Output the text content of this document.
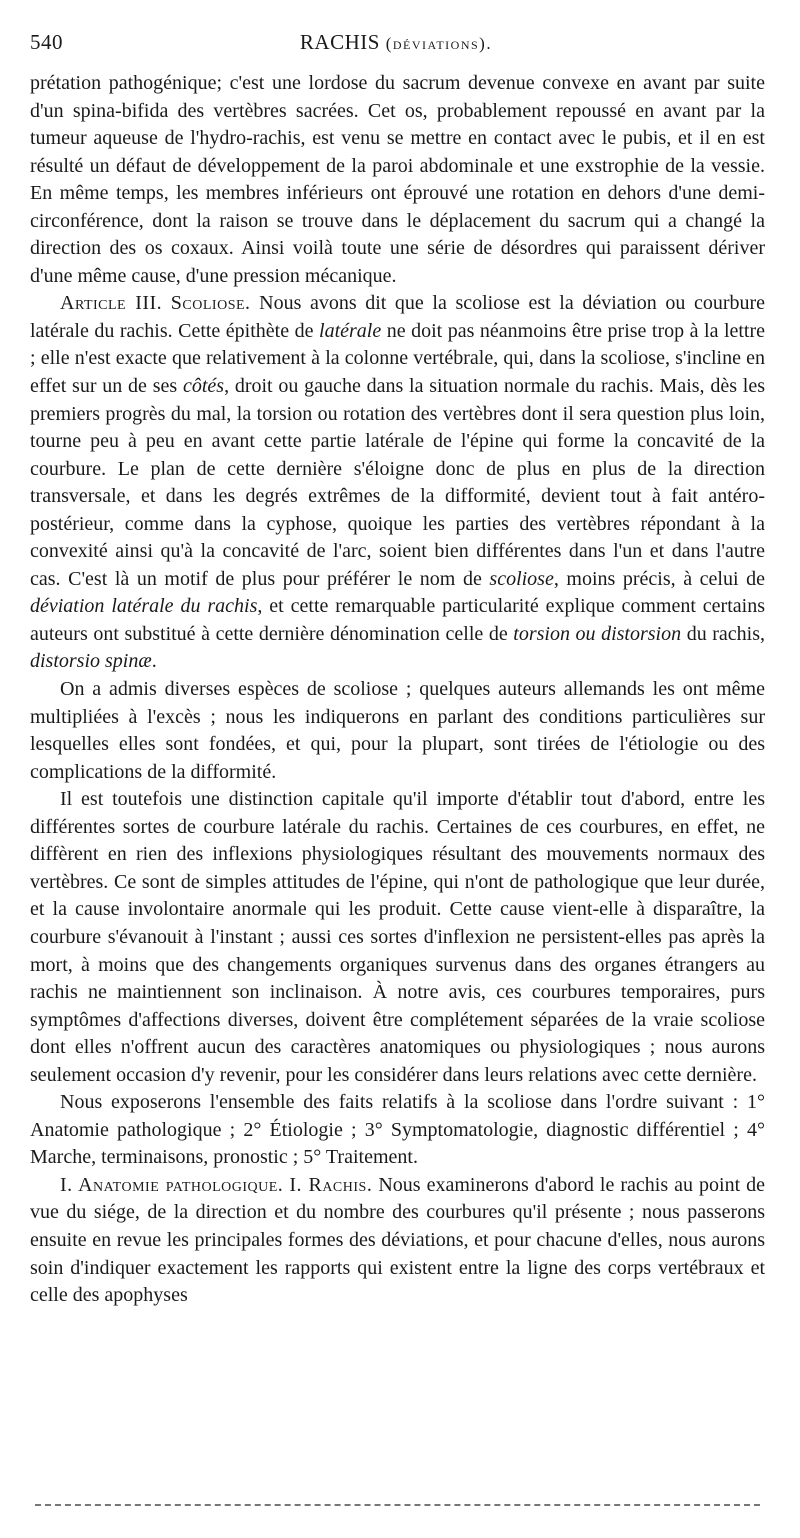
540	RACHIS (déviations).

prétation pathogénique; c'est une lordose du sacrum devenue convexe en avant par suite d'un spina-bifida des vertèbres sacrées. Cet os, probablement repoussé en avant par la tumeur aqueuse de l'hydro-rachis, est venu se mettre en contact avec le pubis, et il en est résulté un défaut de développement de la paroi abdominale et une exstrophie de la vessie. En même temps, les membres inférieurs ont éprouvé une rotation en dehors d'une demi-circonférence, dont la raison se trouve dans le déplacement du sacrum qui a changé la direction des os coxaux. Ainsi voilà toute une série de désordres qui paraissent dériver d'une même cause, d'une pression mécanique.

Article III. Scoliose. Nous avons dit que la scoliose est la déviation ou courbure latérale du rachis. Cette épithète de latérale ne doit pas néanmoins être prise trop à la lettre ; elle n'est exacte que relativement à la colonne vertébrale, qui, dans la scoliose, s'incline en effet sur un de ses côtés, droit ou gauche dans la situation normale du rachis. Mais, dès les premiers progrès du mal, la torsion ou rotation des vertèbres dont il sera question plus loin, tourne peu à peu en avant cette partie latérale de l'épine qui forme la concavité de la courbure. Le plan de cette dernière s'éloigne donc de plus en plus de la direction transversale, et dans les degrés extrêmes de la difformité, devient tout à fait antéro-postérieur, comme dans la cyphose, quoique les parties des vertèbres répondant à la convexité ainsi qu'à la concavité de l'arc, soient bien différentes dans l'un et dans l'autre cas. C'est là un motif de plus pour préférer le nom de scoliose, moins précis, à celui de déviation latérale du rachis, et cette remarquable particularité explique comment certains auteurs ont substitué à cette dernière dénomination celle de torsion ou distorsion du rachis, distorsio spinæ.

On a admis diverses espèces de scoliose ; quelques auteurs allemands les ont même multipliées à l'excès ; nous les indiquerons en parlant des conditions particulières sur lesquelles elles sont fondées, et qui, pour la plupart, sont tirées de l'étiologie ou des complications de la difformité.

Il est toutefois une distinction capitale qu'il importe d'établir tout d'abord, entre les différentes sortes de courbure latérale du rachis. Certaines de ces courbures, en effet, ne diffèrent en rien des inflexions physiologiques résultant des mouvements normaux des vertèbres. Ce sont de simples attitudes de l'épine, qui n'ont de pathologique que leur durée, et la cause involontaire anormale qui les produit. Cette cause vient-elle à disparaître, la courbure s'évanouit à l'instant ; aussi ces sortes d'inflexion ne persistent-elles pas après la mort, à moins que des changements organiques survenus dans des organes étrangers au rachis ne maintiennent son inclinaison. À notre avis, ces courbures temporaires, purs symptômes d'affections diverses, doivent être complétement séparées de la vraie scoliose dont elles n'offrent aucun des caractères anatomiques ou physiologiques ; nous aurons seulement occasion d'y revenir, pour les considérer dans leurs relations avec cette dernière.

Nous exposerons l'ensemble des faits relatifs à la scoliose dans l'ordre suivant : 1° Anatomie pathologique ; 2° Étiologie ; 3° Symptomatologie, diagnostic différentiel ; 4° Marche, terminaisons, pronostic ; 5° Traitement.

I. Anatomie pathologique. I. Rachis. Nous examinerons d'abord le rachis au point de vue du siége, de la direction et du nombre des courbures qu'il présente ; nous passerons ensuite en revue les principales formes des déviations, et pour chacune d'elles, nous aurons soin d'indiquer exactement les rapports qui existent entre la ligne des corps vertébraux et celle des apophyses
